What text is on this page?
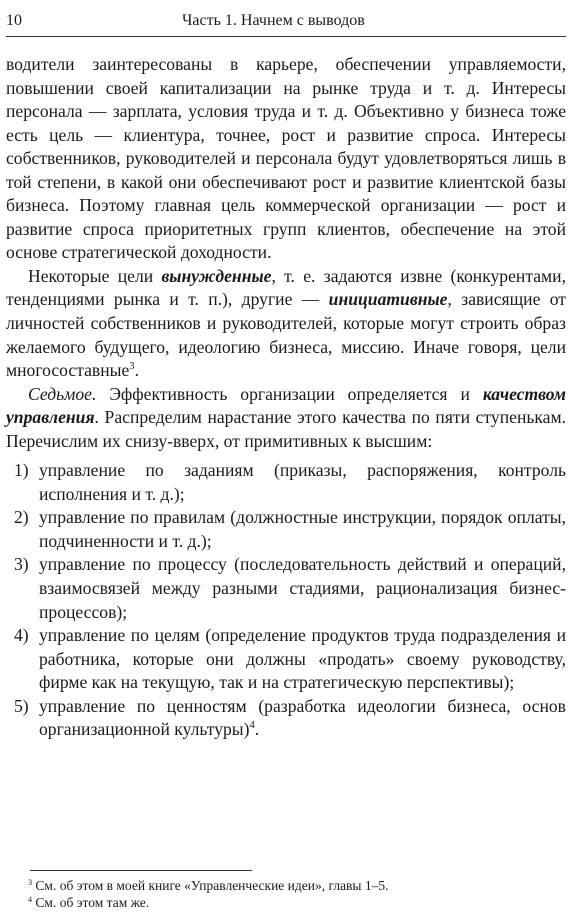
10	Часть 1. Начнем с выводов

водители заинтересованы в карьере, обеспечении управляемости, повышении своей капитализации на рынке труда и т. д. Интересы персонала — зарплата, условия труда и т. д. Объективно у бизнеса тоже есть цель — клиентура, точнее, рост и развитие спроса. Интересы собственников, руководителей и персонала будут удовлетворяться лишь в той степени, в какой они обеспечивают рост и развитие клиентской базы бизнеса. Поэтому главная цель коммерческой организации — рост и развитие спроса приоритетных групп клиентов, обеспечение на этой основе стратегической доходности.

Некоторые цели вынужденные, т. е. задаются извне (конкурентами, тенденциями рынка и т. п.), другие — инициативные, зависящие от личностей собственников и руководителей, которые могут строить образ желаемого будущего, идеологию бизнеса, миссию. Иначе говоря, цели многосоставные$^3$.

Седьмое. Эффективность организации определяется и качеством управления. Распределим нарастание этого качества по пяти ступенькам. Перечислим их снизу-вверх, от примитивных к высшим:

1) управление по заданиям (приказы, распоряжения, контроль исполнения и т. д.);
2) управление по правилам (должностные инструкции, порядок оплаты, подчиненности и т. д.);
3) управление по процессу (последовательность действий и операций, взаимосвязей между разными стадиями, рационализация бизнес-процессов);
4) управление по целям (определение продуктов труда подразделения и работника, которые они должны «продать» своему руководству, фирме как на текущую, так и на стратегическую перспективы);
5) управление по ценностям (разработка идеологии бизнеса, основ организационной культуры)$^4$.

$^3$ См. об этом в моей книге «Управленческие идеи», главы 1–5.

$^4$ См. об этом там же.
